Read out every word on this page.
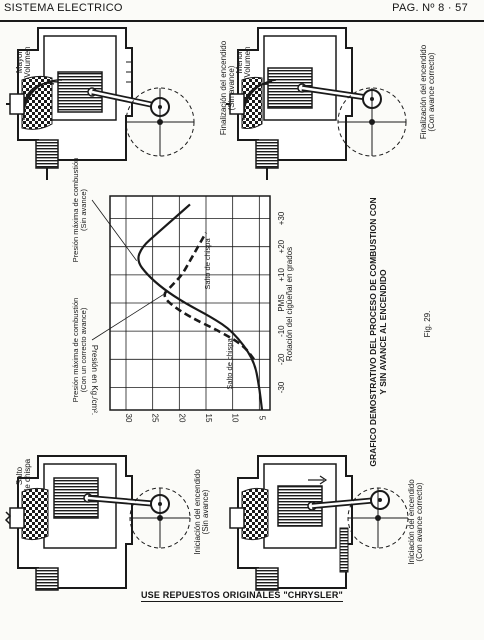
SISTEMA ELECTRICO	PAG. Nº 8 · 57
Mayor Volumen	Finalización del encendido (Sin avance)
Menor Volumen	Finalización del encendido (Con avance correcto)
Salto de chispa	Iniciación del encendido (Sin avance)	Iniciación del encendido (Con avance correcto)
-30
-20
-10
PMS
+10
+20
+30
5
10
15
20
25
30
Presión en Kg./cm².
Rotación del cigüeñal en grados
Presión máxima de combustión (Sin avance)
Presión máxima de combustión (Con un correcto avance)	Salto de chispa
Salto de chispa	GRAFICO DEMOSTRATIVO DEL PROCESO DE COMBUSTION CON Y SIN AVANCE AL ENCENDIDO	Fig. 29.
USE REPUESTOS ORIGINALES "CHRYSLER"
